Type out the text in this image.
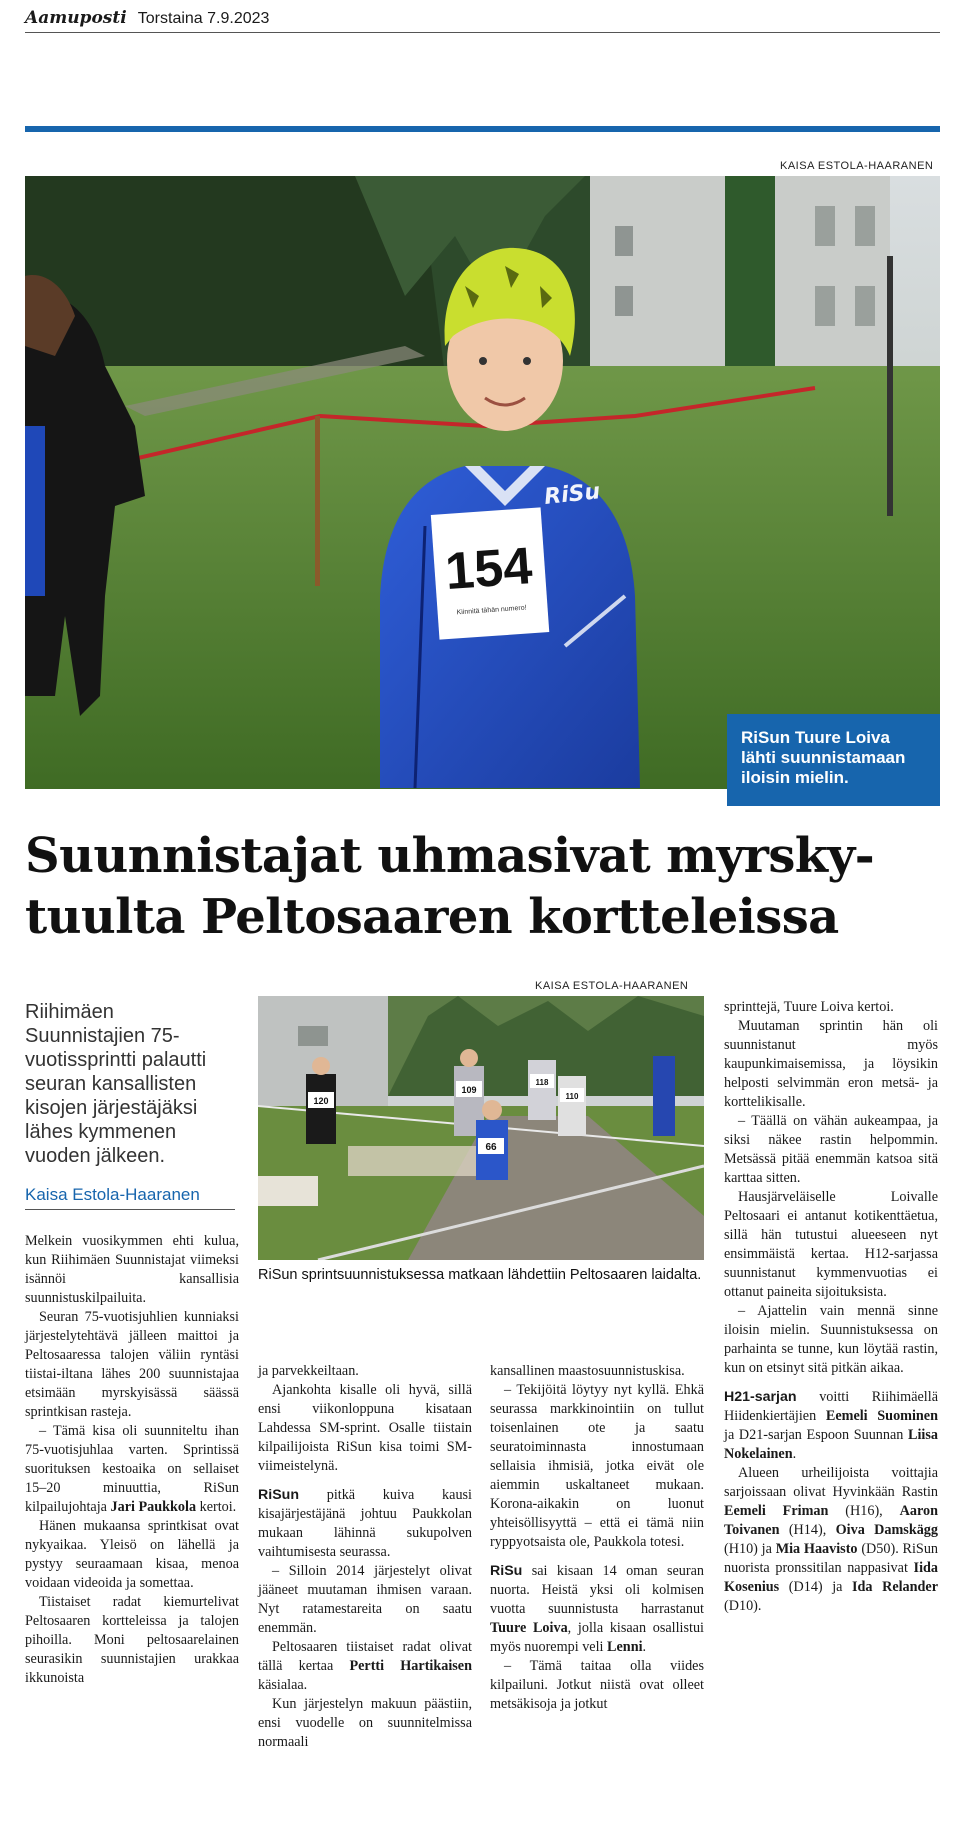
Aamuposti Torstaina 7.9.2023
KAISA ESTOLA-HAARANEN
154
Kiinnitä tähän numero!
RiSu
RiSun Tuure Loiva lähti suunnistamaan iloisin mielin.
Suunnistajat uhmasivat myrsky-tuulta Peltosaaren kortteleissa

Riihimäen Suunnistajien 75-vuotissprintti palautti seuran kansallisten kisojen järjestäjäksi lähes kymmenen vuoden jälkeen.

Kaisa Estola-Haaranen
KAISA ESTOLA-HAARANEN
120
109
66
118
110
RiSun sprintsuunnistuksessa matkaan lähdettiin Peltosaaren laidalta.

Melkein vuosikymmen ehti kulua, kun Riihimäen Suunnistajat viimeksi isännöi kansallisia suunnistuskilpailuita.

Seuran 75-vuotisjuhlien kunniaksi järjestelytehtävä jälleen maittoi ja Peltosaaressa talojen väliin ryntäsi tiistai-iltana lähes 200 suunnistajaa etsimään myrskyisässä säässä sprintkisan rasteja.

– Tämä kisa oli suunniteltu ihan 75-vuotisjuhlaa varten. Sprintissä suorituksen kestoaika on sellaiset 15–20 minuuttia, RiSun kilpailujohtaja Jari Paukkola kertoi.

Hänen mukaansa sprintkisat ovat nykyaikaa. Yleisö on lähellä ja pystyy seuraamaan kisaa, menoa voidaan videoida ja somettaa.

Tiistaiset radat kiemurtelivat Peltosaaren kortteleissa ja talojen pihoilla. Moni peltosaarelainen seurasikin suunnistajien urakkaa ikkunoista

ja parvekkeiltaan.

Ajankohta kisalle oli hyvä, sillä ensi viikonloppuna kisataan Lahdessa SM-sprint. Osalle tiistain kilpailijoista RiSun kisa toimi SM-viimeistelynä.

RiSun pitkä kuiva kausi kisajärjestäjänä johtuu Paukkolan mukaan lähinnä sukupolven vaihtumisesta seurassa.

– Silloin 2014 järjestelyt olivat jääneet muutaman ihmisen varaan. Nyt ratamestareita on saatu enemmän.

Peltosaaren tiistaiset radat olivat tällä kertaa Pertti Hartikaisen käsialaa.

Kun järjestelyn makuun päästiin, ensi vuodelle on suunnitelmissa normaali

kansallinen maastosuunnistuskisa.

– Tekijöitä löytyy nyt kyllä. Ehkä seurassa markkinointiin on tullut toisenlainen ote ja saatu seuratoiminnasta innostumaan sellaisia ihmisiä, jotka eivät ole aiemmin uskaltaneet mukaan. Korona-aikakin on luonut yhteisöllisyyttä – että ei tämä niin ryppyotsaista ole, Paukkola totesi.

RiSu sai kisaan 14 oman seuran nuorta. Heistä yksi oli kolmisen vuotta suunnistusta harrastanut Tuure Loiva, jolla kisaan osallistui myös nuorempi veli Lenni.

– Tämä taitaa olla viides kilpailuni. Jotkut niistä ovat olleet metsäkisoja ja jotkut

sprinttejä, Tuure Loiva kertoi.

Muutaman sprintin hän oli suunnistanut myös kaupunkimaisemissa, ja löysikin helposti selvimmän eron metsä- ja korttelikisalle.

– Täällä on vähän aukeampaa, ja siksi näkee rastin helpommin. Metsässä pitää enemmän katsoa sitä karttaa sitten.

Hausjärveläiselle Loivalle Peltosaari ei antanut kotikenttäetua, sillä hän tutustui alueeseen nyt ensimmäistä kertaa. H12-sarjassa suunnistanut kymmenvuotias ei ottanut paineita sijoituksista.

– Ajattelin vain mennä sinne iloisin mielin. Suunnistuksessa on parhainta se tunne, kun löytää rastin, kun on etsinyt sitä pitkän aikaa.

H21-sarjan voitti Riihimäellä Hiidenkiertäjien Eemeli Suominen ja D21-sarjan Espoon Suunnan Liisa Nokelainen.

Alueen urheilijoista voittajia sarjoissaan olivat Hyvinkään Rastin Eemeli Friman (H16), Aaron Toivanen (H14), Oiva Damskägg (H10) ja Mia Haavisto (D50). RiSun nuorista pronssitilan nappasivat Iida Kosenius (D14) ja Ida Relander (D10).
